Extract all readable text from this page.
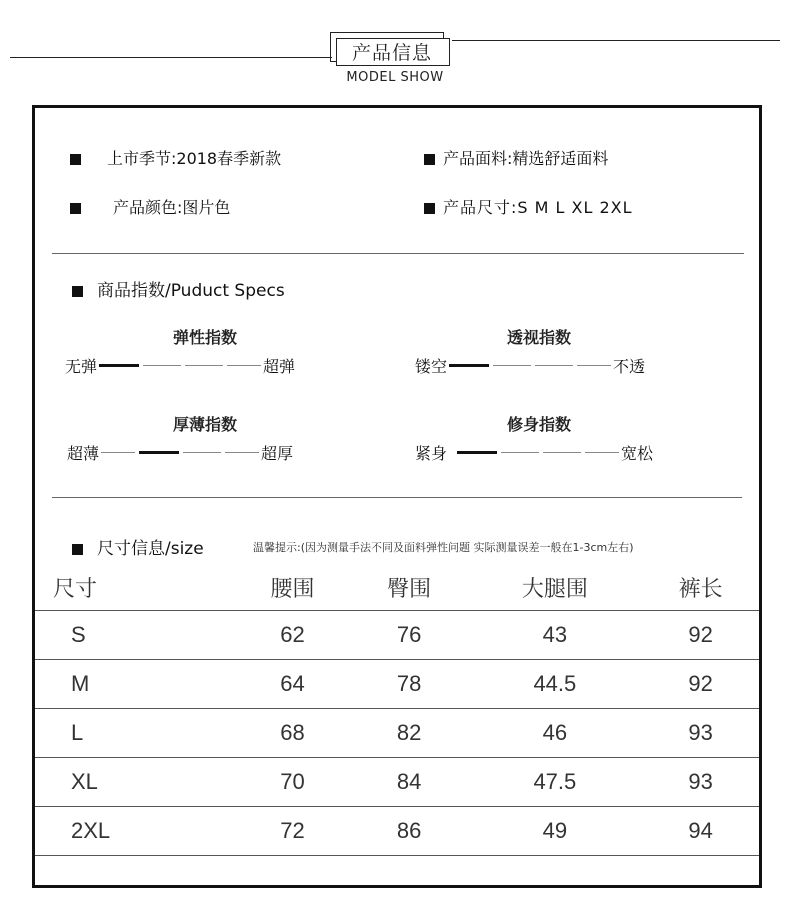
产品信息
MODEL SHOW
上市季节:2018春季新款	产品面料:精选舒适面料
产品颜色:图片色	产品尺寸:S M L XL 2XL
商品指数/Puduct Specs
弹性指数
无弹	超弹
透视指数
镂空	不透
厚薄指数
超薄	超厚
修身指数
紧身	宽松
尺寸信息/size	温馨提示:(因为测量手法不同及面料弹性问题 实际测量误差一般在1-3cm左右)
尺寸	腰围	臀围	大腿围	裤长
S	62	76	43	92
M	64	78	44.5	92
L	68	82	46	93
XL	70	84	47.5	93
2XL	72	86	49	94
